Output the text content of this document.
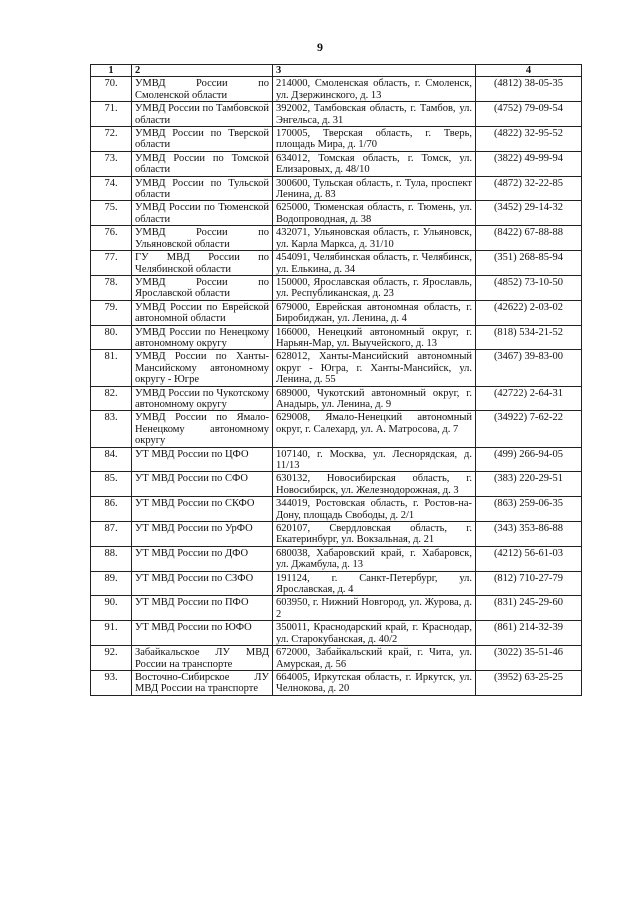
9
1	2	3	4
70.	УМВД России по Смоленской области	214000, Смоленская область, г. Смоленск, ул. Дзержинского, д. 13	(4812) 38-05-35
71.	УМВД России по Тамбовской области	392002, Тамбовская область, г. Тамбов, ул. Энгельса, д. 31	(4752) 79-09-54
72.	УМВД России по Тверской области	170005, Тверская область, г. Тверь, площадь Мира, д. 1/70	(4822) 32-95-52
73.	УМВД России по Томской области	634012, Томская область, г. Томск, ул. Елизаровых, д. 48/10	(3822) 49-99-94
74.	УМВД России по Тульской области	300600, Тульская область, г. Тула, проспект Ленина, д. 83	(4872) 32-22-85
75.	УМВД России по Тюменской области	625000, Тюменская область, г. Тюмень, ул. Водопроводная, д. 38	(3452) 29-14-32
76.	УМВД России по Ульяновской области	432071, Ульяновская область, г. Ульяновск, ул. Карла Маркса, д. 31/10	(8422) 67-88-88
77.	ГУ МВД России по Челябинской области	454091, Челябинская область, г. Челябинск, ул. Елькина, д. 34	(351) 268-85-94
78.	УМВД России по Ярославской области	150000, Ярославская область, г. Ярославль, ул. Республиканская, д. 23	(4852) 73-10-50
79.	УМВД России по Еврейской автономной области	679000, Еврейская автономная область, г. Биробиджан, ул. Ленина, д. 4	(42622) 2-03-02
80.	УМВД России по Ненецкому автономному округу	166000, Ненецкий автономный округ, г. Нарьян-Мар, ул. Выучейского, д. 13	(818) 534-21-52
81.	УМВД России по Ханты-Мансийскому автономному округу - Югре	628012, Ханты-Мансийский автономный округ - Югра, г. Ханты-Мансийск, ул. Ленина, д. 55	(3467) 39-83-00
82.	УМВД России по Чукотскому автономному округу	689000, Чукотский автономный округ, г. Анадырь, ул. Ленина, д. 9	(42722) 2-64-31
83.	УМВД России по Ямало-Ненецкому автономному округу	629008, Ямало-Ненецкий автономный округ, г. Салехард, ул. А. Матросова, д. 7	(34922) 7-62-22
84.	УТ МВД России по ЦФО	107140, г. Москва, ул. Леснорядская, д. 11/13	(499) 266-94-05
85.	УТ МВД России по СФО	630132, Новосибирская область, г. Новосибирск, ул. Железнодорожная, д. 3	(383) 220-29-51
86.	УТ МВД России по СКФО	344019, Ростовская область, г. Ростов-на-Дону, площадь Свободы, д. 2/1	(863) 259-06-35
87.	УТ МВД России по УрФО	620107, Свердловская область, г. Екатеринбург, ул. Вокзальная, д. 21	(343) 353-86-88
88.	УТ МВД России по ДФО	680038, Хабаровский край, г. Хабаровск, ул. Джамбула, д. 13	(4212) 56-61-03
89.	УТ МВД России по СЗФО	191124, г. Санкт-Петербург, ул. Ярославская, д. 4	(812) 710-27-79
90.	УТ МВД России по ПФО	603950, г. Нижний Новгород, ул. Журова, д. 2	(831) 245-29-60
91.	УТ МВД России по ЮФО	350011, Краснодарский край, г. Краснодар, ул. Старокубанская, д. 40/2	(861) 214-32-39
92.	Забайкальское ЛУ МВД России на транспорте	672000, Забайкальский край, г. Чита, ул. Амурская, д. 56	(3022) 35-51-46
93.	Восточно-Сибирское ЛУ МВД России на транспорте	664005, Иркутская область, г. Иркутск, ул. Челнокова, д. 20	(3952) 63-25-25
